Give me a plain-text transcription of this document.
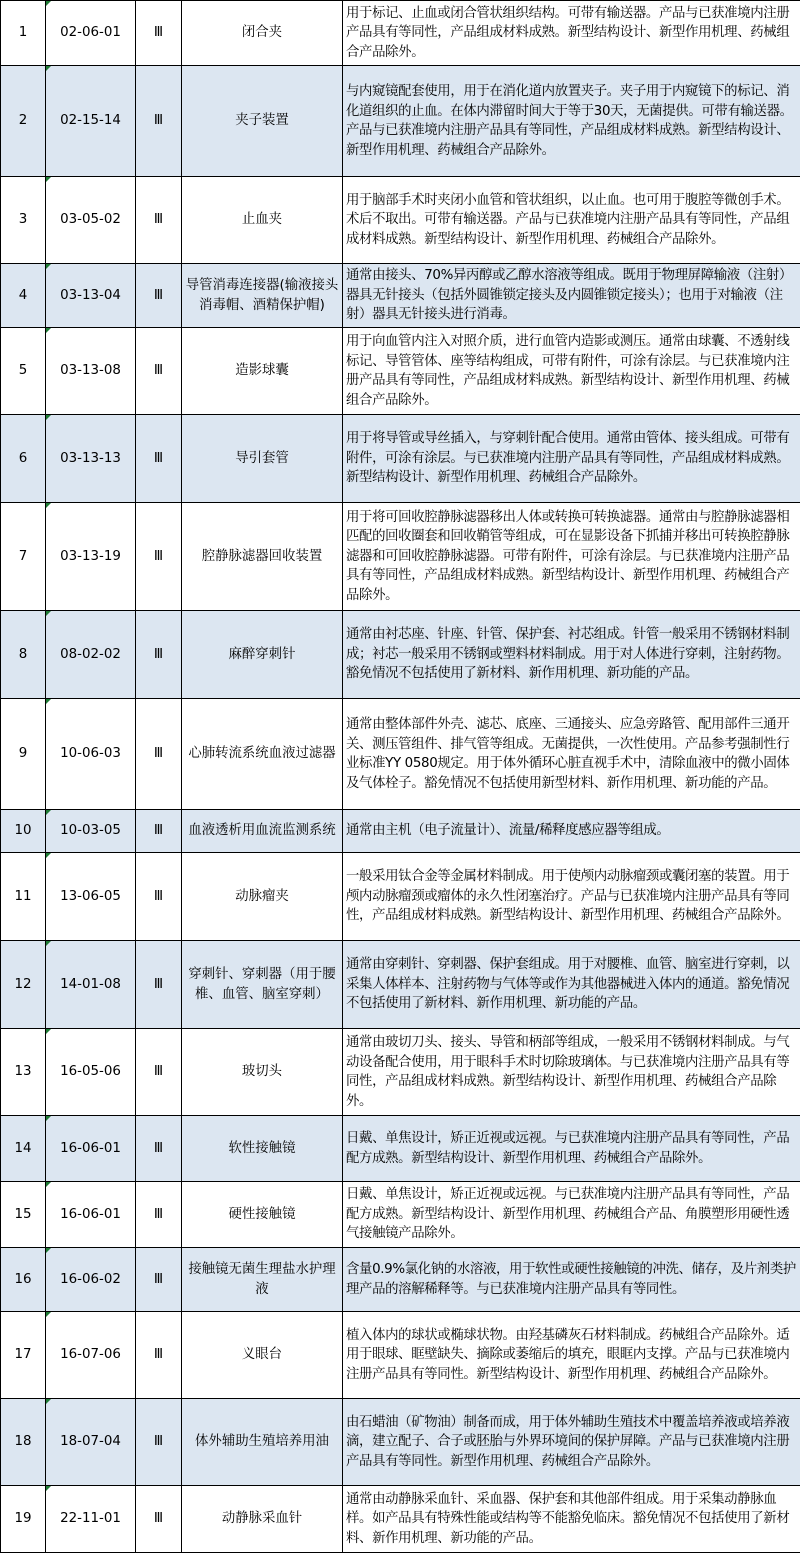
1	02-06-01	Ⅲ	闭合夹	用于标记、止血或闭合管状组织结构。可带有输送器。产品与已获准境内注册产品具有等同性，产品组成材料成熟。新型结构设计、新型作用机理、药械组合产品除外。
2	02-15-14	Ⅲ	夹子装置	与内窥镜配套使用，用于在消化道内放置夹子。夹子用于内窥镜下的标记、消化道组织的止血。在体内滞留时间大于等于30天，无菌提供。可带有输送器。产品与已获准境内注册产品具有等同性，产品组成材料成熟。新型结构设计、新型作用机理、药械组合产品除外。
3	03-05-02	Ⅲ	止血夹	用于脑部手术时夹闭小血管和管状组织，以止血。也可用于腹腔等微创手术。术后不取出。可带有输送器。产品与已获准境内注册产品具有等同性，产品组成材料成熟。新型结构设计、新型作用机理、药械组合产品除外。
4	03-13-04	Ⅲ	导管消毒连接器(输液接头消毒帽、酒精保护帽)	通常由接头、70%异丙醇或乙醇水溶液等组成。既用于物理屏障输液（注射）器具无针接头（包括外圆锥锁定接头及内圆锥锁定接头）；也用于对输液（注射）器具无针接头进行消毒。
5	03-13-08	Ⅲ	造影球囊	用于向血管内注入对照介质，进行血管内造影或测压。通常由球囊、不透射线标记、导管管体、座等结构组成，可带有附件，可涂有涂层。与已获准境内注册产品具有等同性，产品组成材料成熟。新型结构设计、新型作用机理、药械组合产品除外。
6	03-13-13	Ⅲ	导引套管	用于将导管或导丝插入，与穿刺针配合使用。通常由管体、接头组成。可带有附件，可涂有涂层。与已获准境内注册产品具有等同性，产品组成材料成熟。新型结构设计、新型作用机理、药械组合产品除外。
7	03-13-19	Ⅲ	腔静脉滤器回收装置	用于将可回收腔静脉滤器移出人体或转换可转换滤器。通常由与腔静脉滤器相匹配的回收圈套和回收鞘管等组成，可在显影设备下抓捕并移出可转换腔静脉滤器和可回收腔静脉滤器。可带有附件，可涂有涂层。与已获准境内注册产品具有等同性，产品组成材料成熟。新型结构设计、新型作用机理、药械组合产品除外。
8	08-02-02	Ⅲ	麻醉穿刺针	通常由衬芯座、针座、针管、保护套、衬芯组成。针管一般采用不锈钢材料制成；衬芯一般采用不锈钢或塑料材料制成。用于对人体进行穿刺，注射药物。豁免情况不包括使用了新材料、新作用机理、新功能的产品。
9	10-06-03	Ⅲ	心肺转流系统血液过滤器	通常由整体部件外壳、滤芯、底座、三通接头、应急旁路管、配用部件三通开关、测压管组件、排气管等组成。无菌提供，一次性使用。产品参考强制性行业标准YY 0580规定。用于体外循环心脏直视手术中，清除血液中的微小固体及气体栓子。豁免情况不包括使用新型材料、新作用机理、新功能的产品。
10	10-03-05	Ⅲ	血液透析用血流监测系统	通常由主机（电子流量计）、流量/稀释度感应器等组成。
11	13-06-05	Ⅲ	动脉瘤夹	一般采用钛合金等金属材料制成。用于使颅内动脉瘤颈或囊闭塞的装置。用于颅内动脉瘤颈或瘤体的永久性闭塞治疗。产品与已获准境内注册产品具有等同性，产品组成材料成熟。新型结构设计、新型作用机理、药械组合产品除外。
12	14-01-08	Ⅲ	穿刺针、穿刺器（用于腰椎、血管、脑室穿刺）	通常由穿刺针、穿刺器、保护套组成。用于对腰椎、血管、脑室进行穿刺，以采集人体样本、注射药物与气体等或作为其他器械进入体内的通道。豁免情况不包括使用了新材料、新作用机理、新功能的产品。
13	16-05-06	Ⅲ	玻切头	通常由玻切刀头、接头、导管和柄部等组成，一般采用不锈钢材料制成。与气动设备配合使用，用于眼科手术时切除玻璃体。与已获准境内注册产品具有等同性，产品组成材料成熟。新型结构设计、新型作用机理、药械组合产品除外。
14	16-06-01	Ⅲ	软性接触镜	日戴、单焦设计，矫正近视或远视。与已获准境内注册产品具有等同性，产品配方成熟。新型结构设计、新型作用机理、药械组合产品除外。
15	16-06-01	Ⅲ	硬性接触镜	日戴、单焦设计，矫正近视或远视。与已获准境内注册产品具有等同性，产品配方成熟。新型结构设计、新型作用机理、药械组合产品、角膜塑形用硬性透气接触镜产品除外。
16	16-06-02	Ⅲ	接触镜无菌生理盐水护理液	含量0.9%氯化钠的水溶液，用于软性或硬性接触镜的冲洗、储存，及片剂类护理产品的溶解稀释等。与已获准境内注册产品具有等同性。
17	16-07-06	Ⅲ	义眼台	植入体内的球状或椭球状物。由羟基磷灰石材料制成。药械组合产品除外。适用于眼球、眶壁缺失、摘除或萎缩后的填充，眼眶内支撑。产品与已获准境内注册产品具有等同性。新型结构设计、新型作用机理、药械组合产品除外。
18	18-07-04	Ⅲ	体外辅助生殖培养用油	由石蜡油（矿物油）制备而成，用于体外辅助生殖技术中覆盖培养液或培养液滴，建立配子、合子或胚胎与外界环境间的保护屏障。产品与已获准境内注册产品具有等同性。新型作用机理、药械组合产品除外。
19	22-11-01	Ⅲ	动静脉采血针	通常由动静脉采血针、采血器、保护套和其他部件组成。用于采集动静脉血样。如产品具有特殊性能或结构等不能豁免临床。豁免情况不包括使用了新材料、新作用机理、新功能的产品。
